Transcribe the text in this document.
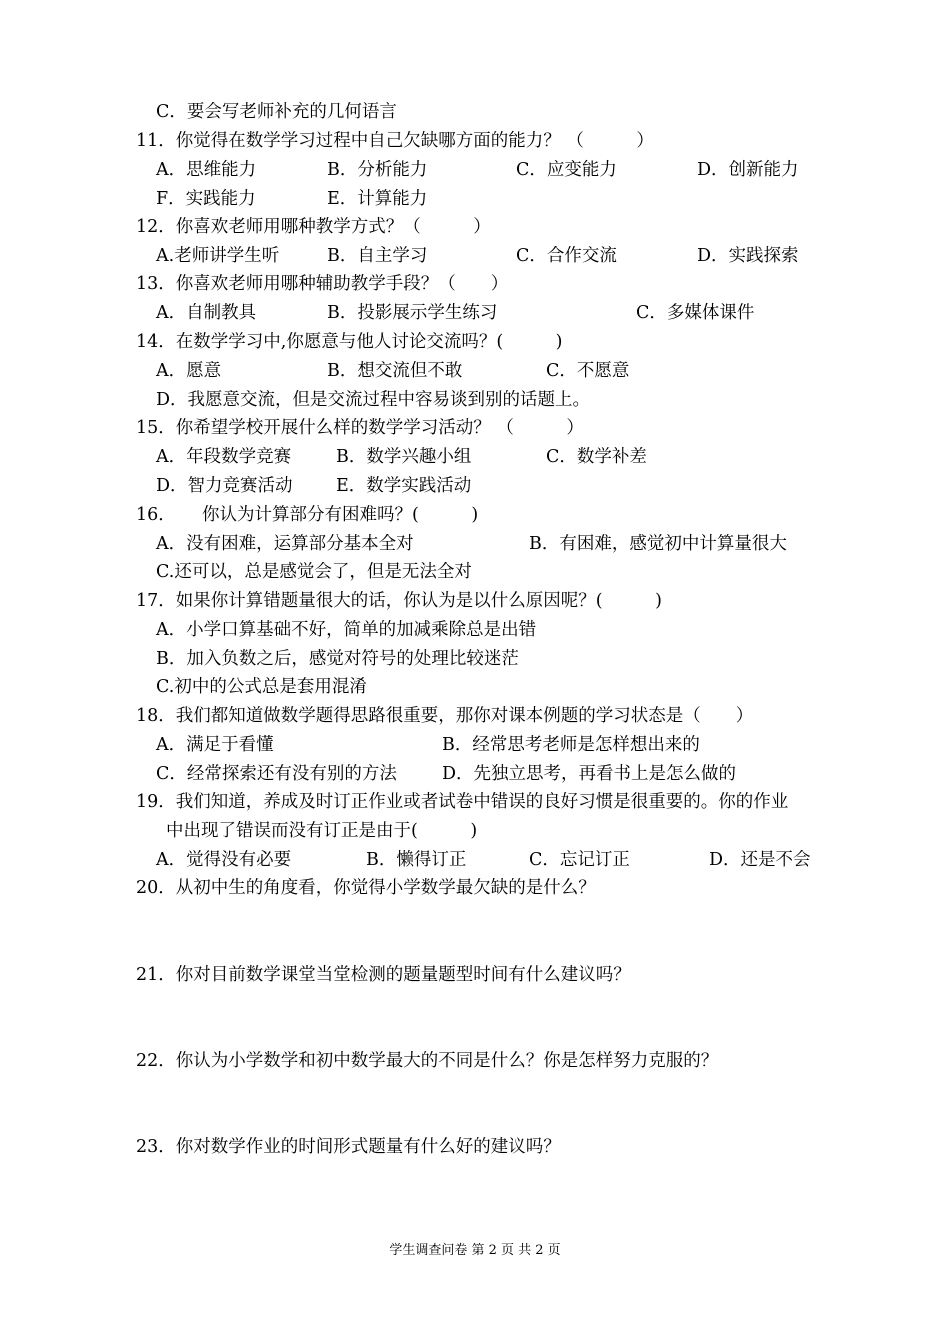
C．要会写老师补充的几何语言
11．你觉得在数学学习过程中自己欠缺哪方面的能力？ （　　　）
A．思维能力	B．分析能力	C．应变能力	D．创新能力
F．实践能力	E．计算能力
12．你喜欢老师用哪种教学方式？（　　　）
A.老师讲学生听	B．自主学习	C．合作交流	D．实践探索
13．你喜欢老师用哪种辅助教学手段？（　　）
A．自制教具	B．投影展示学生练习	C．多媒体课件
14．在数学学习中,你愿意与他人讨论交流吗？(　　　)
A．愿意	B．想交流但不敢	C．不愿意
D．我愿意交流，但是交流过程中容易谈到别的话题上。
15．你希望学校开展什么样的数学学习活动？ （　　　）
A．年段数学竞赛	B．数学兴趣小组	C．数学补差
D．智力竞赛活动 E．数学实践活动
16．　　你认为计算部分有困难吗？(　　　)
A．没有困难，运算部分基本全对	B．有困难，感觉初中计算量很大
C.还可以，总是感觉会了，但是无法全对
17．如果你计算错题量很大的话，你认为是以什么原因呢？(　　　)
A．小学口算基础不好，简单的加减乘除总是出错
B．加入负数之后，感觉对符号的处理比较迷茫
C.初中的公式总是套用混淆
18．我们都知道做数学题得思路很重要，那你对课本例题的学习状态是（　　）
A．满足于看懂	B．经常思考老师是怎样想出来的
C．经常探索还有没有别的方法	D．先独立思考，再看书上是怎么做的
19．我们知道，养成及时订正作业或者试卷中错误的良好习惯是很重要的。你的作业
中出现了错误而没有订正是由于(　　　)
A．觉得没有必要	B．懒得订正	C．忘记订正	D．还是不会
20．从初中生的角度看，你觉得小学数学最欠缺的是什么？
21．你对目前数学课堂当堂检测的题量题型时间有什么建议吗？
22．你认为小学数学和初中数学最大的不同是什么？你是怎样努力克服的？
23．你对数学作业的时间形式题量有什么好的建议吗？
学生调查问卷 第 2 页 共 2 页
